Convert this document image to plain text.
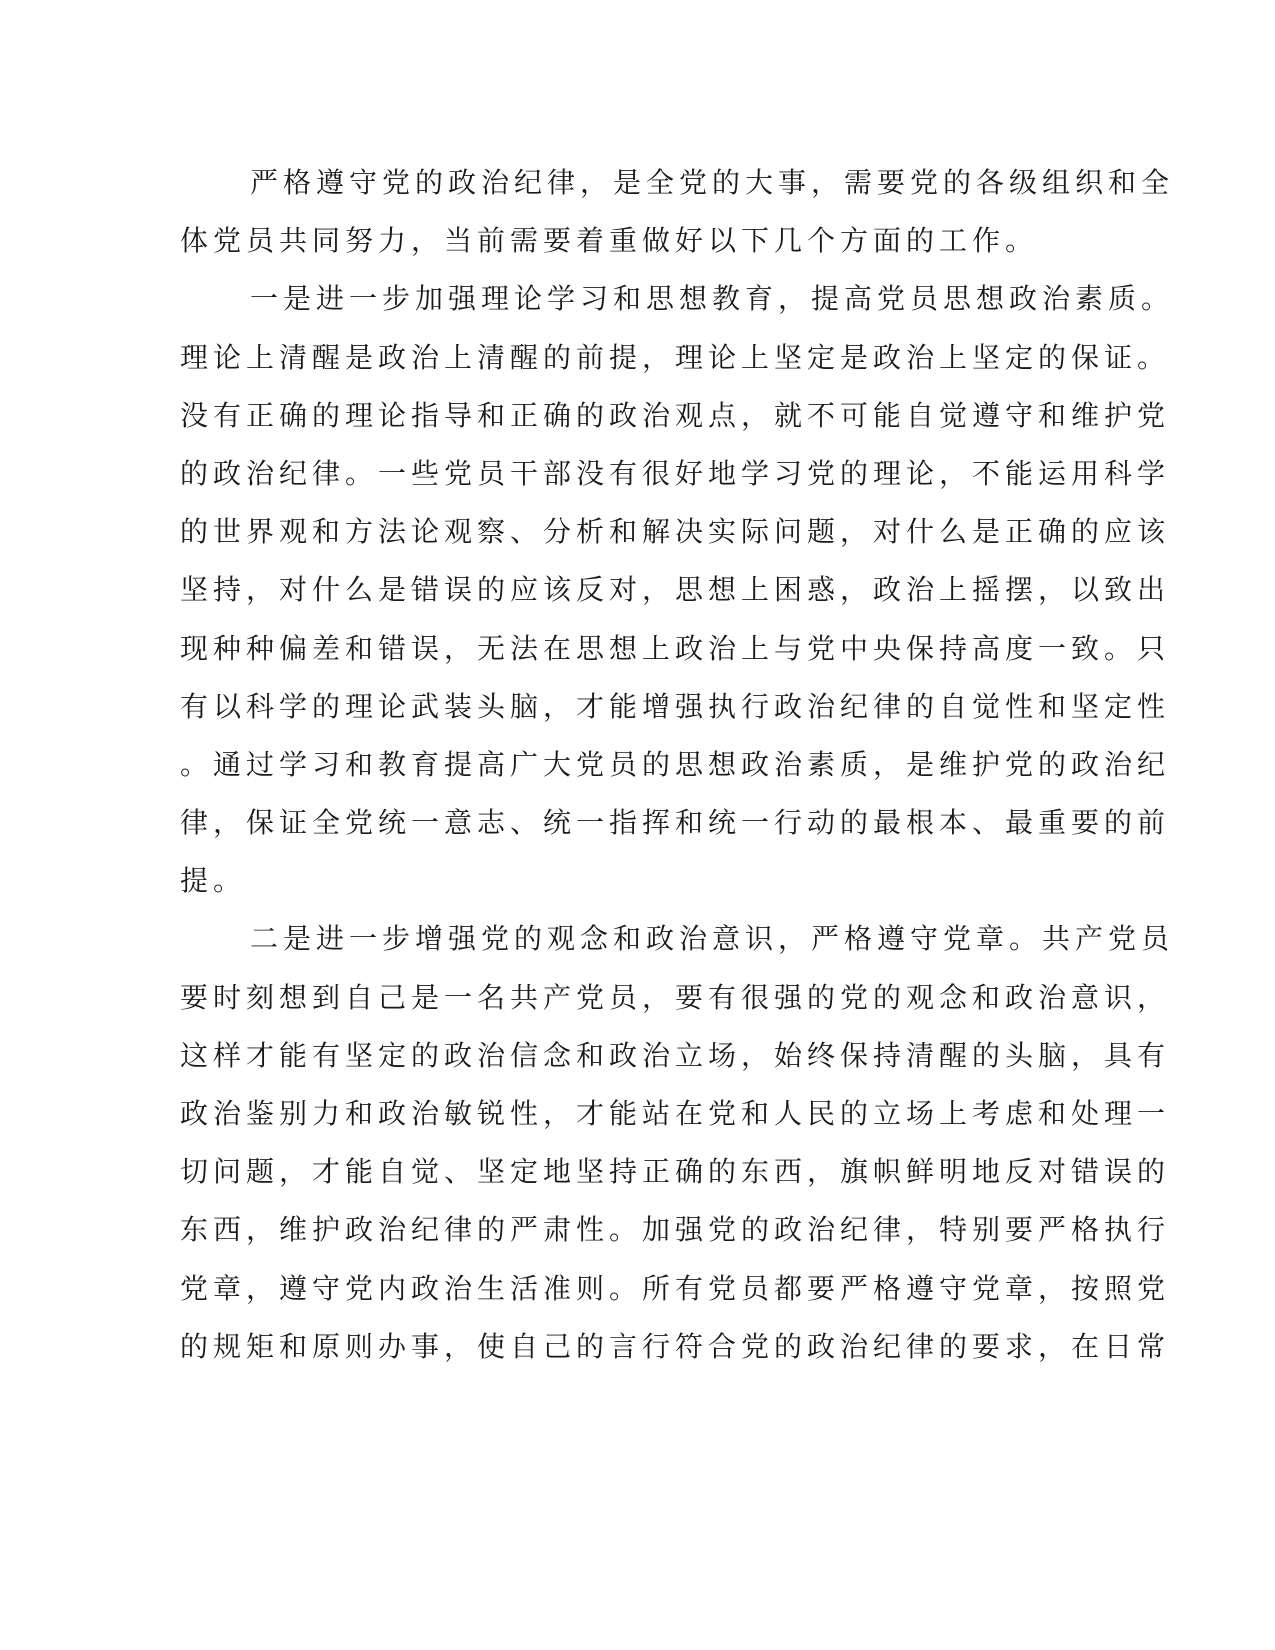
严格遵守党的政治纪律，是全党的大事，需要党的各级组织和全
体党员共同努力，当前需要着重做好以下几个方面的工作。
一是进一步加强理论学习和思想教育，提高党员思想政治素质。
理论上清醒是政治上清醒的前提，理论上坚定是政治上坚定的保证。
没有正确的理论指导和正确的政治观点，就不可能自觉遵守和维护党
的政治纪律。一些党员干部没有很好地学习党的理论，不能运用科学
的世界观和方法论观察、分析和解决实际问题，对什么是正确的应该
坚持，对什么是错误的应该反对，思想上困惑，政治上摇摆，以致出
现种种偏差和错误，无法在思想上政治上与党中央保持高度一致。只
有以科学的理论武装头脑，才能增强执行政治纪律的自觉性和坚定性
。通过学习和教育提高广大党员的思想政治素质，是维护党的政治纪
律，保证全党统一意志、统一指挥和统一行动的最根本、最重要的前
提。
二是进一步增强党的观念和政治意识，严格遵守党章。共产党员
要时刻想到自己是一名共产党员，要有很强的党的观念和政治意识，
这样才能有坚定的政治信念和政治立场，始终保持清醒的头脑，具有
政治鉴别力和政治敏锐性，才能站在党和人民的立场上考虑和处理一
切问题，才能自觉、坚定地坚持正确的东西，旗帜鲜明地反对错误的
东西，维护政治纪律的严肃性。加强党的政治纪律，特别要严格执行
党章，遵守党内政治生活准则。所有党员都要严格遵守党章，按照党
的规矩和原则办事，使自己的言行符合党的政治纪律的要求，在日常
